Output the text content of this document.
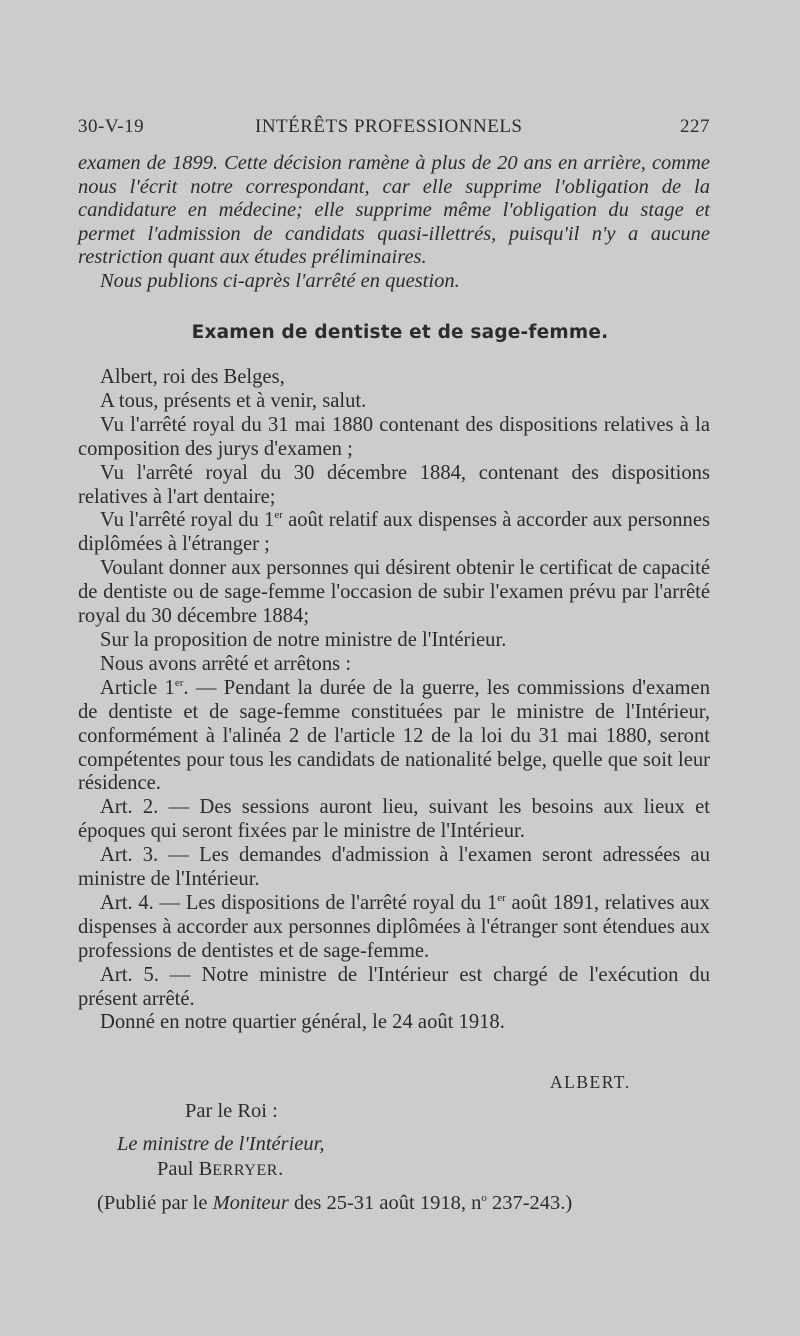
30-V-19	INTÉRÊTS PROFESSIONNELS	227

examen de 1899. Cette décision ramène à plus de 20 ans en arrière, comme nous l'écrit notre correspondant, car elle supprime l'obligation de la candidature en médecine; elle supprime même l'obligation du stage et permet l'admission de candidats quasi-illettrés, puisqu'il n'y a aucune restriction quant aux études préliminaires.

Nous publions ci-après l'arrêté en question.

Examen de dentiste et de sage-femme.

Albert, roi des Belges,

A tous, présents et à venir, salut.

Vu l'arrêté royal du 31 mai 1880 contenant des dispositions relatives à la composition des jurys d'examen ;

Vu l'arrêté royal du 30 décembre 1884, contenant des dispositions relatives à l'art dentaire;

Vu l'arrêté royal du 1er août relatif aux dispenses à accorder aux personnes diplômées à l'étranger ;

Voulant donner aux personnes qui désirent obtenir le certificat de capacité de dentiste ou de sage-femme l'occasion de subir l'examen prévu par l'arrêté royal du 30 décembre 1884;

Sur la proposition de notre ministre de l'Intérieur.

Nous avons arrêté et arrêtons :

Article 1er. — Pendant la durée de la guerre, les commissions d'examen de dentiste et de sage-femme constituées par le ministre de l'Intérieur, conformément à l'alinéa 2 de l'article 12 de la loi du 31 mai 1880, seront compétentes pour tous les candidats de nationalité belge, quelle que soit leur résidence.

Art. 2. — Des sessions auront lieu, suivant les besoins aux lieux et époques qui seront fixées par le ministre de l'Intérieur.

Art. 3. — Les demandes d'admission à l'examen seront adressées au ministre de l'Intérieur.

Art. 4. — Les dispositions de l'arrêté royal du 1er août 1891, relatives aux dispenses à accorder aux personnes diplômées à l'étranger sont étendues aux professions de dentistes et de sage-femme.

Art. 5. — Notre ministre de l'Intérieur est chargé de l'exécution du présent arrêté.

Donné en notre quartier général, le 24 août 1918.

ALBERT.
Par le Roi :
Le ministre de l'Intérieur,
Paul BERRYER.
(Publié par le Moniteur des 25-31 août 1918, $n^o$ 237-243.)
